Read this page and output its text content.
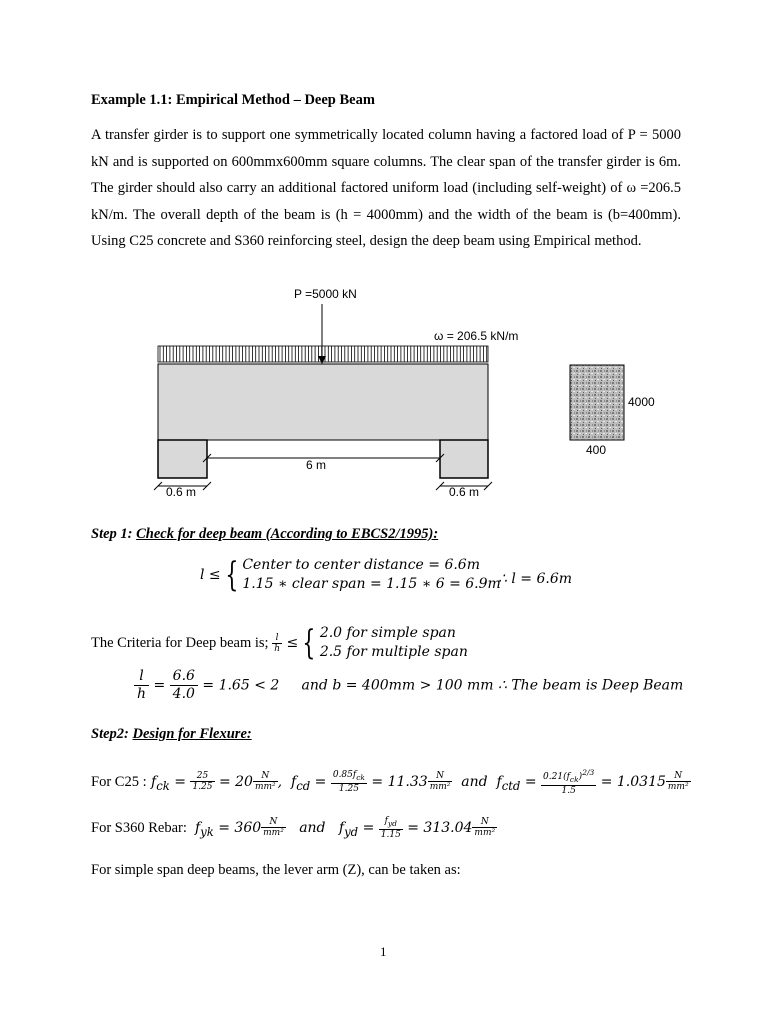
Example 1.1: Empirical Method – Deep Beam
A transfer girder is to support one symmetrically located column having a factored load of P = 5000 kN and is supported on 600mmx600mm square columns. The clear span of the transfer girder is 6m. The girder should also carry an additional factored uniform load (including self-weight) of ω =206.5 kN/m. The overall depth of the beam is (h = 4000mm) and the width of the beam is (b=400mm). Using C25 concrete and S360 reinforcing steel, design the deep beam using Empirical method.
P =5000 kN
ω = 206.5 kN/m
6 m
0.6 m	0.6 m
4000
400
Step 1: Check for deep beam (According to EBCS2/1995):
l ≤ { Center to center distance = 6.6m
1.15 ∗ clear span = 1.15 ∗ 6 = 6.9m
∴ l = 6.6m
The Criteria for Deep beam is; $\frac{l}{h}$ ≤ { 2.0 for simple span
2.5 for multiple span
$\frac{l}{h} = \frac{6.6}{4.0} = 1.65 < 2$ and b = 400mm > 100 mm ∴ The beam is Deep Beam
Step2: Design for Flexure:
For C25 : $f_{ck} = \frac{25}{1.25} = 20 \frac{N}{\text{mm²}}$ ,  $f_{cd} = \frac{0.85f_{ck}}{1.25} = 11.33 \frac{N}{\text{mm²}}$ and $f_{ctd} = \frac{0.21(f_{ck})^{2/3}}{1.5} = 1.0315 \frac{N}{\text{mm²}}$
For S360 Rebar: $f_{yk} = 360 \frac{N}{\text{mm²}}$ and $f_{yd} = \frac{f_{yd}}{1.15} = 313.04 \frac{N}{\text{mm²}}$
For simple span deep beams, the lever arm (Z), can be taken as:
1
